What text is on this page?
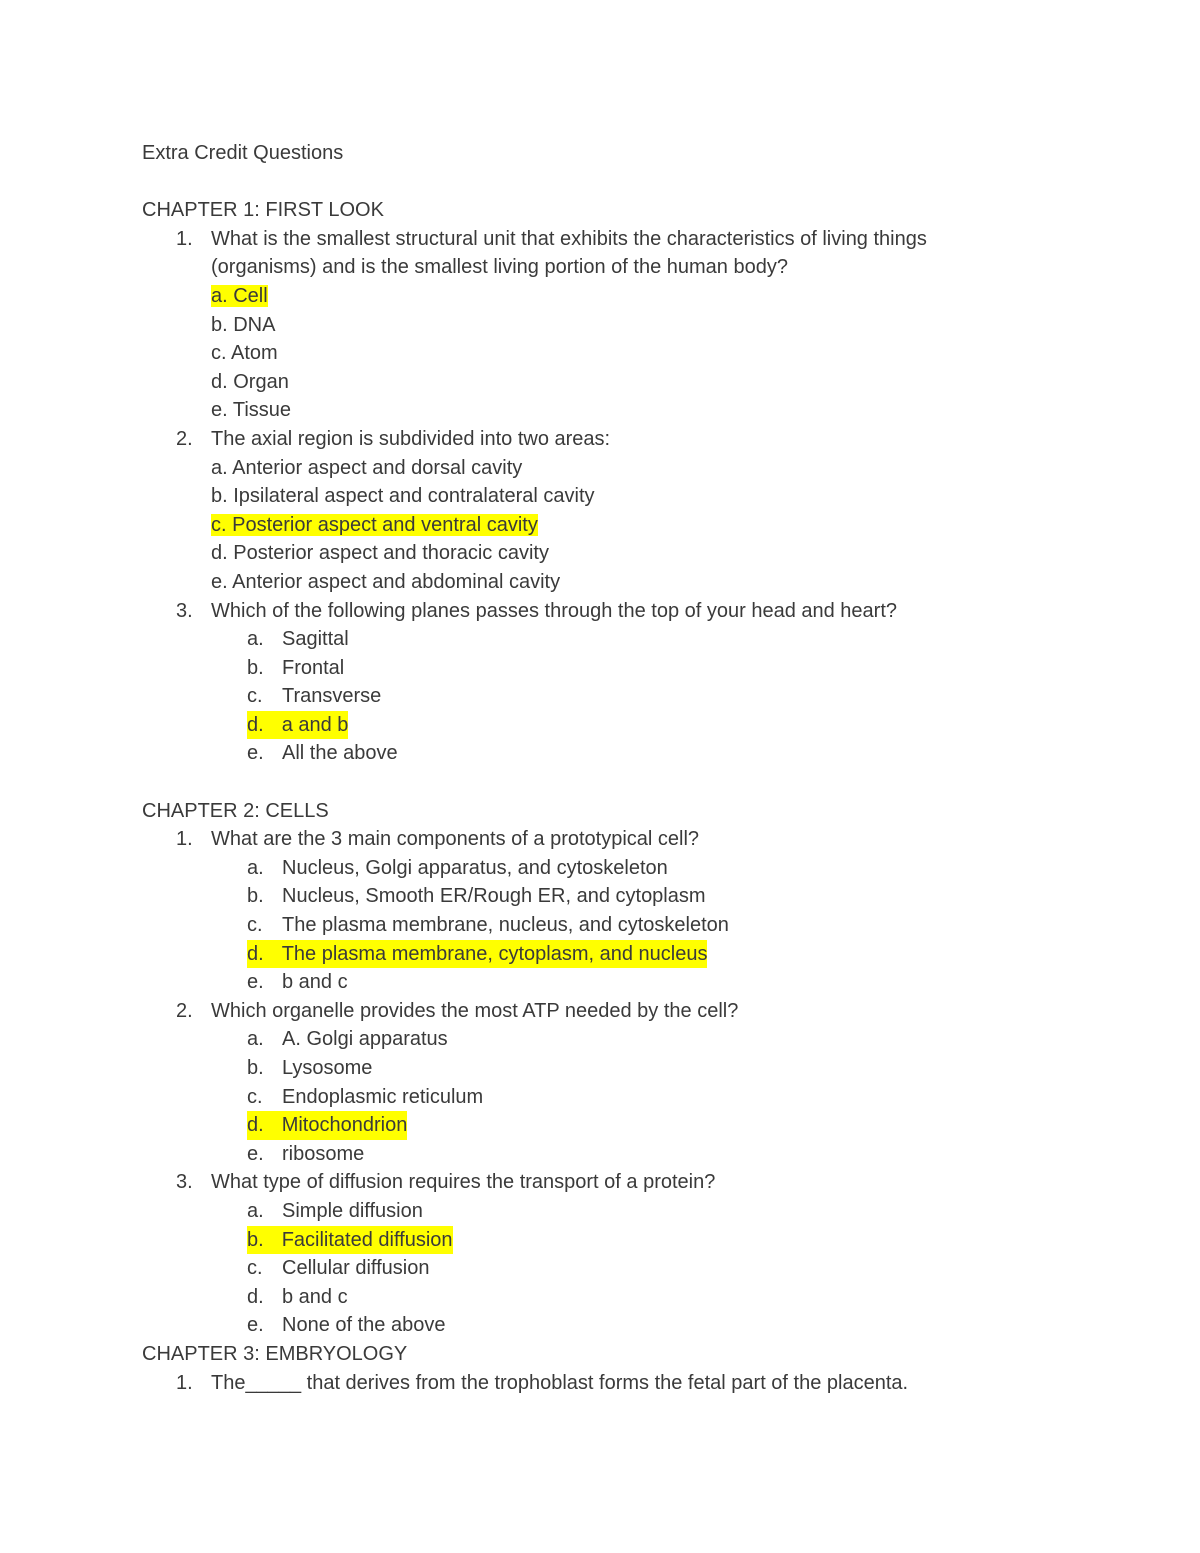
Extra Credit Questions
CHAPTER 1: FIRST LOOK
1. What is the smallest structural unit that exhibits the characteristics of living things
(organisms) and is the smallest living portion of the human body?
a. Cell
b. DNA
c. Atom
d. Organ
e. Tissue
2. The axial region is subdivided into two areas:
a. Anterior aspect and dorsal cavity
b. Ipsilateral aspect and contralateral cavity
c. Posterior aspect and ventral cavity
d. Posterior aspect and thoracic cavity
e. Anterior aspect and abdominal cavity
3. Which of the following planes passes through the top of your head and heart?
a. Sagittal
b. Frontal
c. Transverse
d. a and b
e. All the above
CHAPTER 2: CELLS
1. What are the 3 main components of a prototypical cell?
a. Nucleus, Golgi apparatus, and cytoskeleton
b. Nucleus, Smooth ER/Rough ER, and cytoplasm
c. The plasma membrane, nucleus, and cytoskeleton
d. The plasma membrane, cytoplasm, and nucleus
e. b and c
2. Which organelle provides the most ATP needed by the cell?
a. A. Golgi apparatus
b. Lysosome
c. Endoplasmic reticulum
d. Mitochondrion
e. ribosome
3. What type of diffusion requires the transport of a protein?
a. Simple diffusion
b. Facilitated diffusion
c. Cellular diffusion
d. b and c
e. None of the above
CHAPTER 3: EMBRYOLOGY
1. The_____ that derives from the trophoblast forms the fetal part of the placenta.
